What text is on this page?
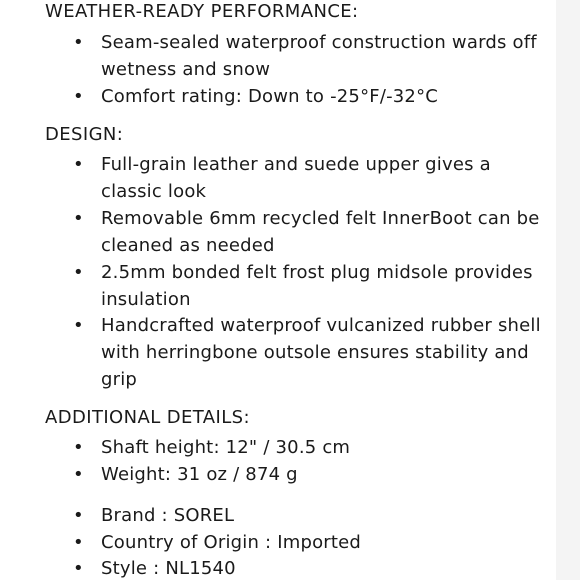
WEATHER-READY PERFORMANCE:
• Seam-sealed waterproof construction wards off wetness and snow
• Comfort rating: Down to -25°F/-32°C
DESIGN:
• Full-grain leather and suede upper gives a classic look
• Removable 6mm recycled felt InnerBoot can be cleaned as needed
• 2.5mm bonded felt frost plug midsole provides insulation
• Handcrafted waterproof vulcanized rubber shell with herringbone outsole ensures stability and grip
ADDITIONAL DETAILS:
• Shaft height: 12" / 30.5 cm
• Weight: 31 oz / 874 g
• Brand : SOREL
• Country of Origin : Imported
• Style : NL1540
